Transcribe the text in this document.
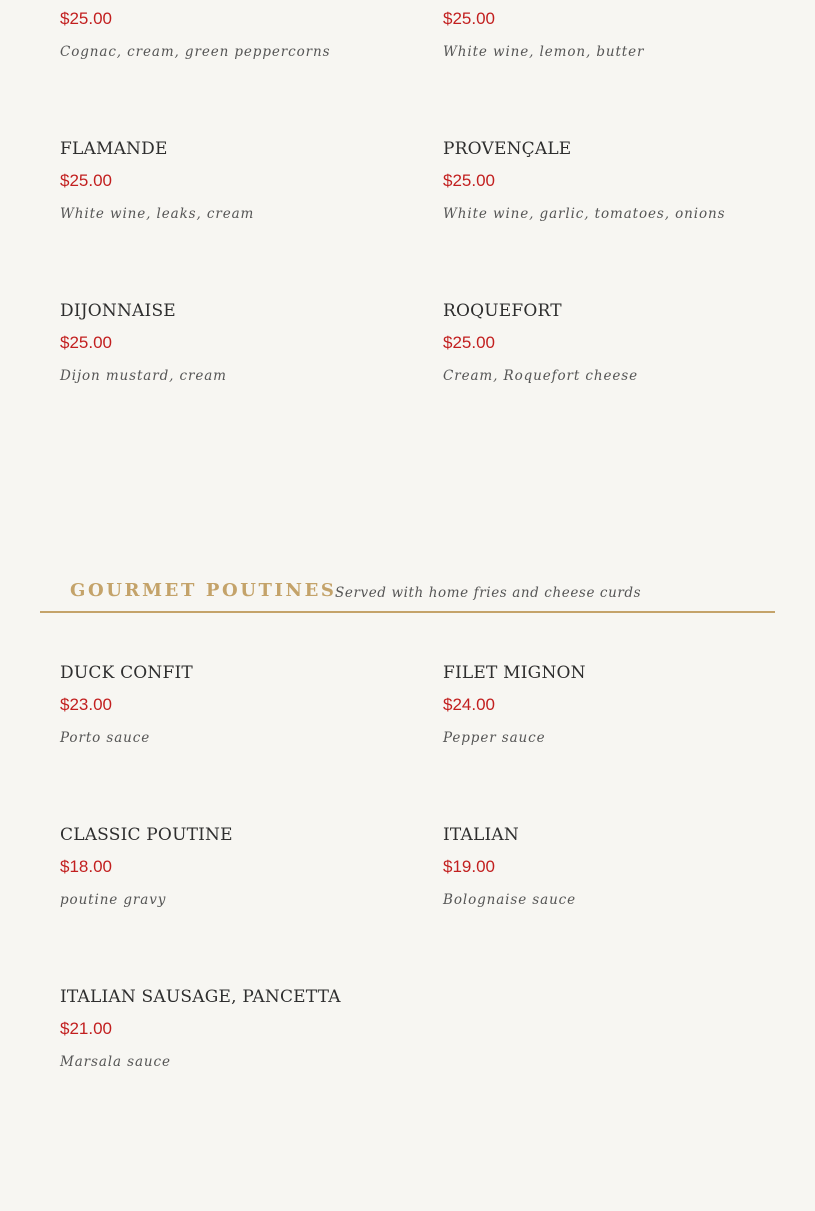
$25.00
Cognac, cream, green peppercorns
$25.00
White wine, lemon, butter
FLAMANDE
$25.00
White wine, leaks, cream
PROVENÇALE
$25.00
White wine, garlic, tomatoes, onions
DIJONNAISE
$25.00
Dijon mustard, cream
ROQUEFORT
$25.00
Cream, Roquefort cheese
GOURMET POUTINES
Served with home fries and cheese curds
DUCK CONFIT
$23.00
Porto sauce
FILET MIGNON
$24.00
Pepper sauce
CLASSIC POUTINE
$18.00
poutine gravy
ITALIAN
$19.00
Bolognaise sauce
ITALIAN SAUSAGE, PANCETTA
$21.00
Marsala sauce
